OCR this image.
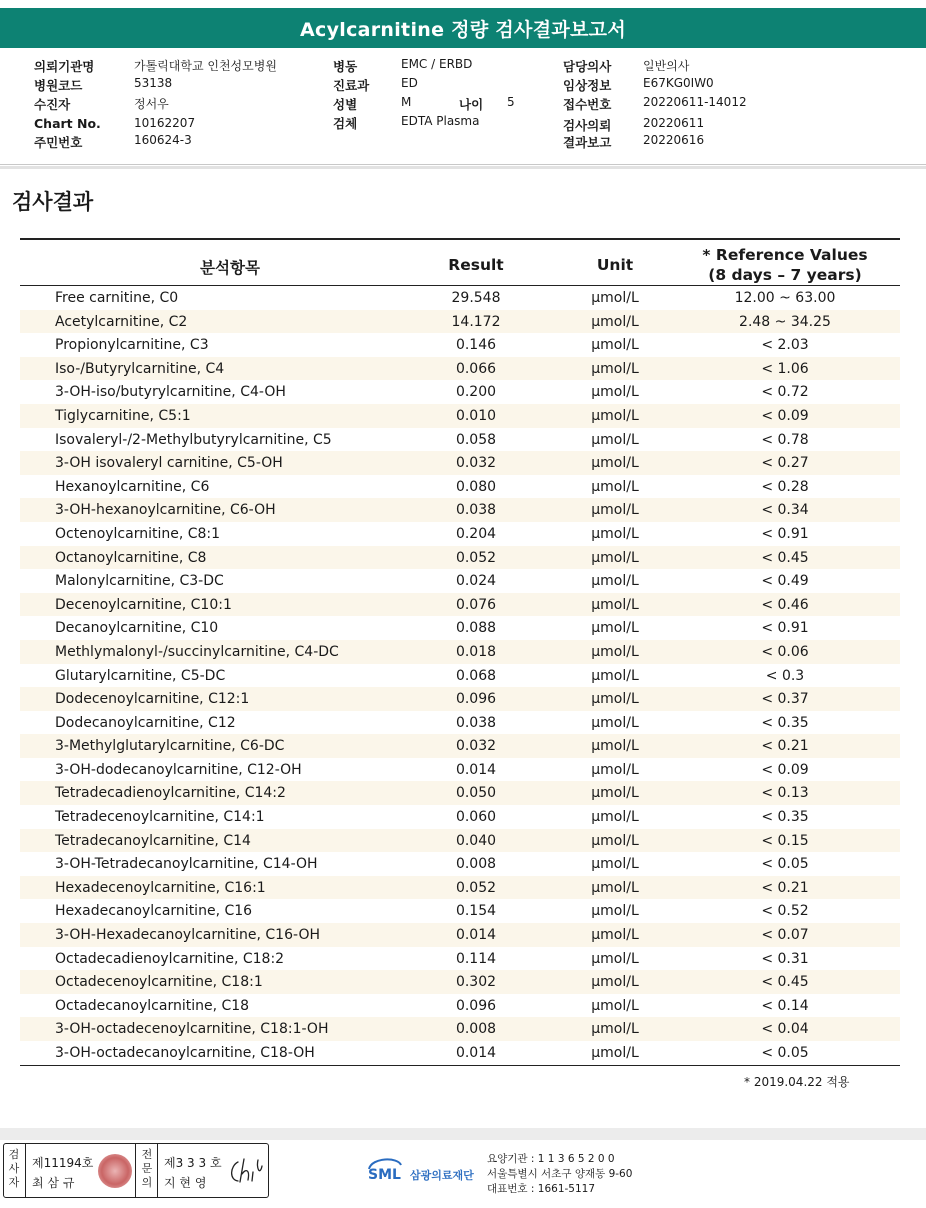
Acylcarnitine 정량 검사결과보고서
의뢰기관명	가톨릭대학교 인천성모병원
병원코드	53138
수진자	정서우
Chart No.	10162207
주민번호	160624-3
병동	EMC / ERBD
진료과	ED
성별	M	나이 5
검체	EDTA Plasma
담당의사	일반의사
임상정보	E67KG0IW0
접수번호	20220611-14012
검사의뢰	20220611
결과보고	20220616
검사결과
분석항목	Result	Unit
* Reference Values
(8 days – 7 years)
Free carnitine, C0	29.548	μmol/L	12.00 ~ 63.00
Acetylcarnitine, C2	14.172	μmol/L	2.48 ~ 34.25
Propionylcarnitine, C3	0.146	μmol/L	< 2.03
Iso-/Butyrylcarnitine, C4	0.066	μmol/L	< 1.06
3-OH-iso/butyrylcarnitine, C4-OH	0.200	μmol/L	< 0.72
Tiglycarnitine, C5:1	0.010	μmol/L	< 0.09
Isovaleryl-/2-Methylbutyrylcarnitine, C5	0.058	μmol/L	< 0.78
3-OH isovaleryl carnitine, C5-OH	0.032	μmol/L	< 0.27
Hexanoylcarnitine, C6	0.080	μmol/L	< 0.28
3-OH-hexanoylcarnitine, C6-OH	0.038	μmol/L	< 0.34
Octenoylcarnitine, C8:1	0.204	μmol/L	< 0.91
Octanoylcarnitine, C8	0.052	μmol/L	< 0.45
Malonylcarnitine, C3-DC	0.024	μmol/L	< 0.49
Decenoylcarnitine, C10:1	0.076	μmol/L	< 0.46
Decanoylcarnitine, C10	0.088	μmol/L	< 0.91
Methlymalonyl-/succinylcarnitine, C4-DC	0.018	μmol/L	< 0.06
Glutarylcarnitine, C5-DC	0.068	μmol/L	< 0.3
Dodecenoylcarnitine, C12:1	0.096	μmol/L	< 0.37
Dodecanoylcarnitine, C12	0.038	μmol/L	< 0.35
3-Methylglutarylcarnitine, C6-DC	0.032	μmol/L	< 0.21
3-OH-dodecanoylcarnitine, C12-OH	0.014	μmol/L	< 0.09
Tetradecadienoylcarnitine, C14:2	0.050	μmol/L	< 0.13
Tetradecenoylcarnitine, C14:1	0.060	μmol/L	< 0.35
Tetradecanoylcarnitine, C14	0.040	μmol/L	< 0.15
3-OH-Tetradecanoylcarnitine, C14-OH	0.008	μmol/L	< 0.05
Hexadecenoylcarnitine, C16:1	0.052	μmol/L	< 0.21
Hexadecanoylcarnitine, C16	0.154	μmol/L	< 0.52
3-OH-Hexadecanoylcarnitine, C16-OH	0.014	μmol/L	< 0.07
Octadecadienoylcarnitine, C18:2	0.114	μmol/L	< 0.31
Octadecenoylcarnitine, C18:1	0.302	μmol/L	< 0.45
Octadecanoylcarnitine, C18	0.096	μmol/L	< 0.14
3-OH-octadecenoylcarnitine, C18:1-OH	0.008	μmol/L	< 0.04
3-OH-octadecanoylcarnitine, C18-OH	0.014	μmol/L	< 0.05
* 2019.04.22 적용
검
사
자
제11194호
최 삼 규
전
문
의
제3 3 3 호
지 현 영	SML 삼광의료재단
요양기관 : 1 1 3 6 5 2 0 0
서울특별시 서초구 양재동 9-60
대표번호 : 1661-5117
